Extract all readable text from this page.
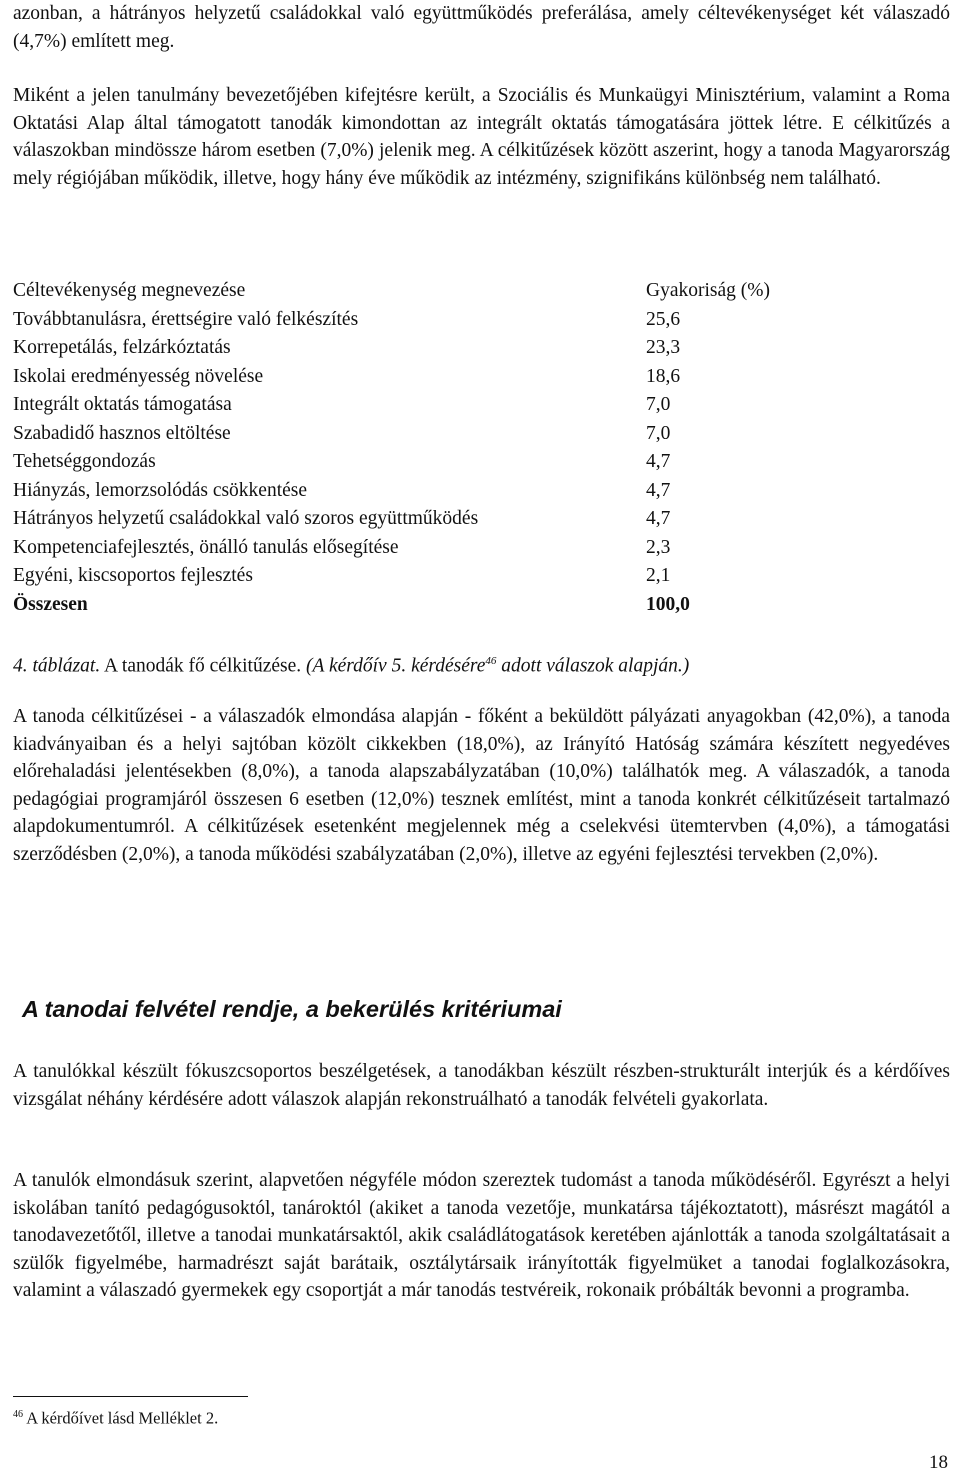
azonban, a hátrányos helyzetű családokkal való együttműködés preferálása, amely céltevékenységet két válaszadó (4,7%) említett meg.

Miként a jelen tanulmány bevezetőjében kifejtésre került, a Szociális és Munkaügyi Minisztérium, valamint a Roma Oktatási Alap által támogatott tanodák kimondottan az integrált oktatás támogatására jöttek létre. E célkitűzés a válaszokban mindössze három esetben (7,0%) jelenik meg. A célkitűzések között aszerint, hogy a tanoda Magyarország mely régiójában működik, illetve, hogy hány éve működik az intézmény, szignifikáns különbség nem található.

Céltevékenység megnevezése	Gyakoriság (%)
Továbbtanulásra, érettségire való felkészítés	25,6
Korrepetálás, felzárkóztatás	23,3
Iskolai eredményesség növelése	18,6
Integrált oktatás támogatása	7,0
Szabadidő hasznos eltöltése	7,0
Tehetséggondozás	4,7
Hiányzás, lemorzsolódás csökkentése	4,7
Hátrányos helyzetű családokkal való szoros együttműködés	4,7
Kompetenciafejlesztés, önálló tanulás elősegítése	2,3
Egyéni, kiscsoportos fejlesztés	2,1
Összesen	100,0
4. táblázat. A tanodák fő célkitűzése. (A kérdőív 5. kérdésére$^{46}$ adott válaszok alapján.)

A tanoda célkitűzései - a válaszadók elmondása alapján - főként a beküldött pályázati anyagokban (42,0%), a tanoda kiadványaiban és a helyi sajtóban közölt cikkekben (18,0%), az Irányító Hatóság számára készített negyedéves előrehaladási jelentésekben (8,0%), a tanoda alapszabályzatában (10,0%) találhatók meg. A válaszadók, a tanoda pedagógiai programjáról összesen 6 esetben (12,0%) tesznek említést, mint a tanoda konkrét célkitűzéseit tartalmazó alapdokumentumról. A célkitűzések esetenként megjelennek még a cselekvési ütemtervben (4,0%), a támogatási szerződésben (2,0%), a tanoda működési szabályzatában (2,0%), illetve az egyéni fejlesztési tervekben (2,0%).

A tanodai felvétel rendje, a bekerülés kritériumai

A tanulókkal készült fókuszcsoportos beszélgetések, a tanodákban készült részben-strukturált interjúk és a kérdőíves vizsgálat néhány kérdésére adott válaszok alapján rekonstruálható a tanodák felvételi gyakorlata.

A tanulók elmondásuk szerint, alapvetően négyféle módon szereztek tudomást a tanoda működéséről. Egyrészt a helyi iskolában tanító pedagógusoktól, tanároktól (akiket a tanoda vezetője, munkatársa tájékoztatott), másrészt magától a tanodavezetőtől, illetve a tanodai munkatársaktól, akik családlátogatások keretében ajánlották a tanoda szolgáltatásait a szülők figyelmébe, harmadrészt saját barátaik, osztálytársaik irányították figyelmüket a tanodai foglalkozásokra, valamint a válaszadó gyermekek egy csoportját a már tanodás testvéreik, rokonaik próbálták bevonni a programba.

$^{46}$ A kérdőívet lásd Melléklet 2.
18
